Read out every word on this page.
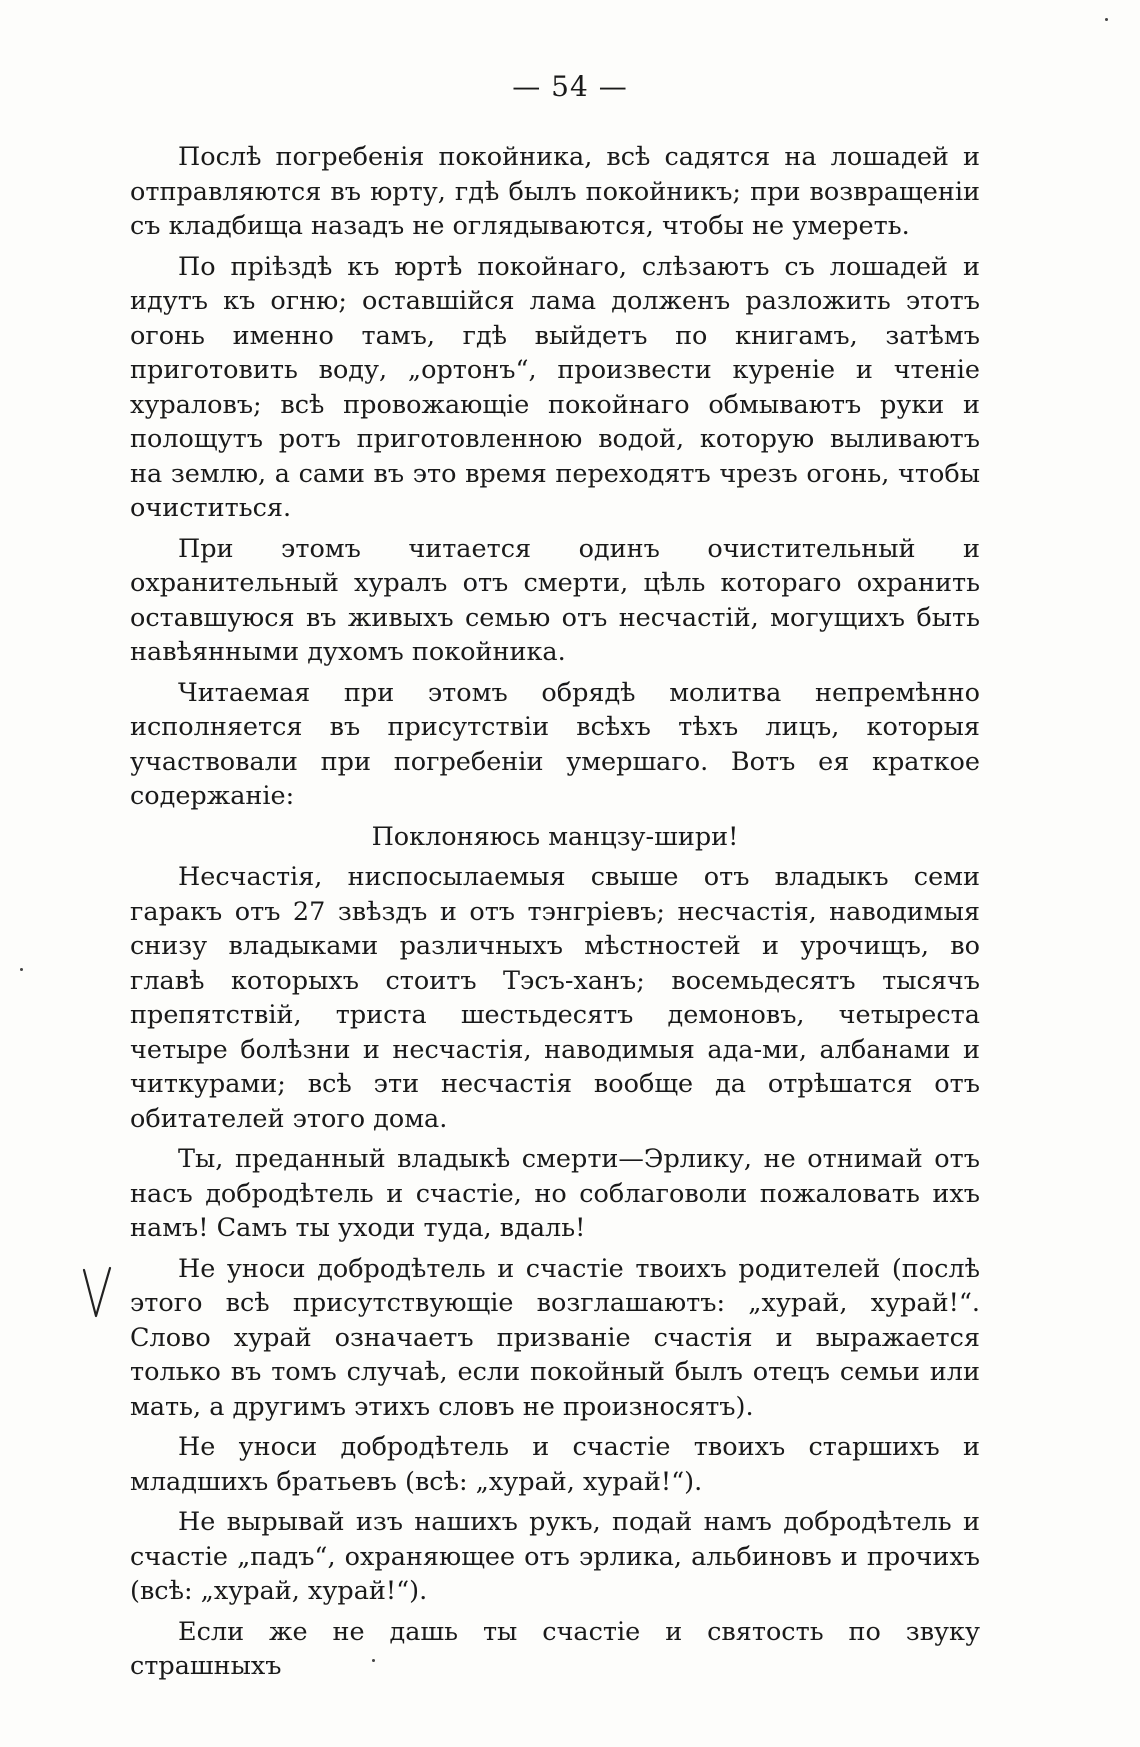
— 54 —

Послѣ погребенія покойника, всѣ садятся на лошадей и отправляются въ юрту, гдѣ былъ покойникъ; при возвращеніи съ кладбища назадъ не оглядываются, чтобы не умереть.

По пріѣздѣ къ юртѣ покойнаго, слѣзаютъ съ лошадей и идутъ къ огню; оставшійся лама долженъ разложить этотъ огонь именно тамъ, гдѣ выйдетъ по книгамъ, затѣмъ приготовить воду, „ортонъ“, произвести куреніе и чтеніе хураловъ; всѣ провожающіе покойнаго обмываютъ руки и полощутъ ротъ приготовленною водой, которую выливаютъ на землю, а сами въ это время переходятъ чрезъ огонь, чтобы очиститься.

При этомъ читается одинъ очистительный и охранительный хуралъ отъ смерти, цѣль котораго охранить оставшуюся въ живыхъ семью отъ несчастій, могущихъ быть навѣянными духомъ покойника.

Читаемая при этомъ обрядѣ молитва непремѣнно исполняется въ присутствіи всѣхъ тѣхъ лицъ, которыя участвовали при погребеніи умершаго. Вотъ ея краткое содержаніе:

Поклоняюсь манцзу-шири!

Несчастія, ниспосылаемыя свыше отъ владыкъ семи гаракъ отъ 27 звѣздъ и отъ тэнгріевъ; несчастія, наводимыя снизу владыками различныхъ мѣстностей и урочищъ, во главѣ которыхъ стоитъ Тэсъ-ханъ; восемьдесятъ тысячъ препятствій, триста шестьдесятъ демоновъ, четыреста четыре болѣзни и несчастія, наводимыя ада-ми, албанами и читкурами; всѣ эти несчастія вообще да отрѣшатся отъ обитателей этого дома.

Ты, преданный владыкѣ смерти—Эрлику, не отнимай отъ насъ добродѣтель и счастіе, но соблаговоли пожаловать ихъ намъ! Самъ ты уходи туда, вдаль!

Не уноси добродѣтель и счастіе твоихъ родителей (послѣ этого всѣ присутствующіе возглашаютъ: „хурай, хурай!“. Слово хурай означаетъ призваніе счастія и выражается только въ томъ случаѣ, если покойный былъ отецъ семьи или мать, а другимъ этихъ словъ не произносятъ).

Не уноси добродѣтель и счастіе твоихъ старшихъ и младшихъ братьевъ (всѣ: „хурай, хурай!“).

Не вырывай изъ нашихъ рукъ, подай намъ добродѣтель и счастіе „падъ“, охраняющее отъ эрлика, альбиновъ и прочихъ (всѣ: „хурай, хурай!“).

Если же не дашь ты счастіе и святость по звуку страшныхъ
